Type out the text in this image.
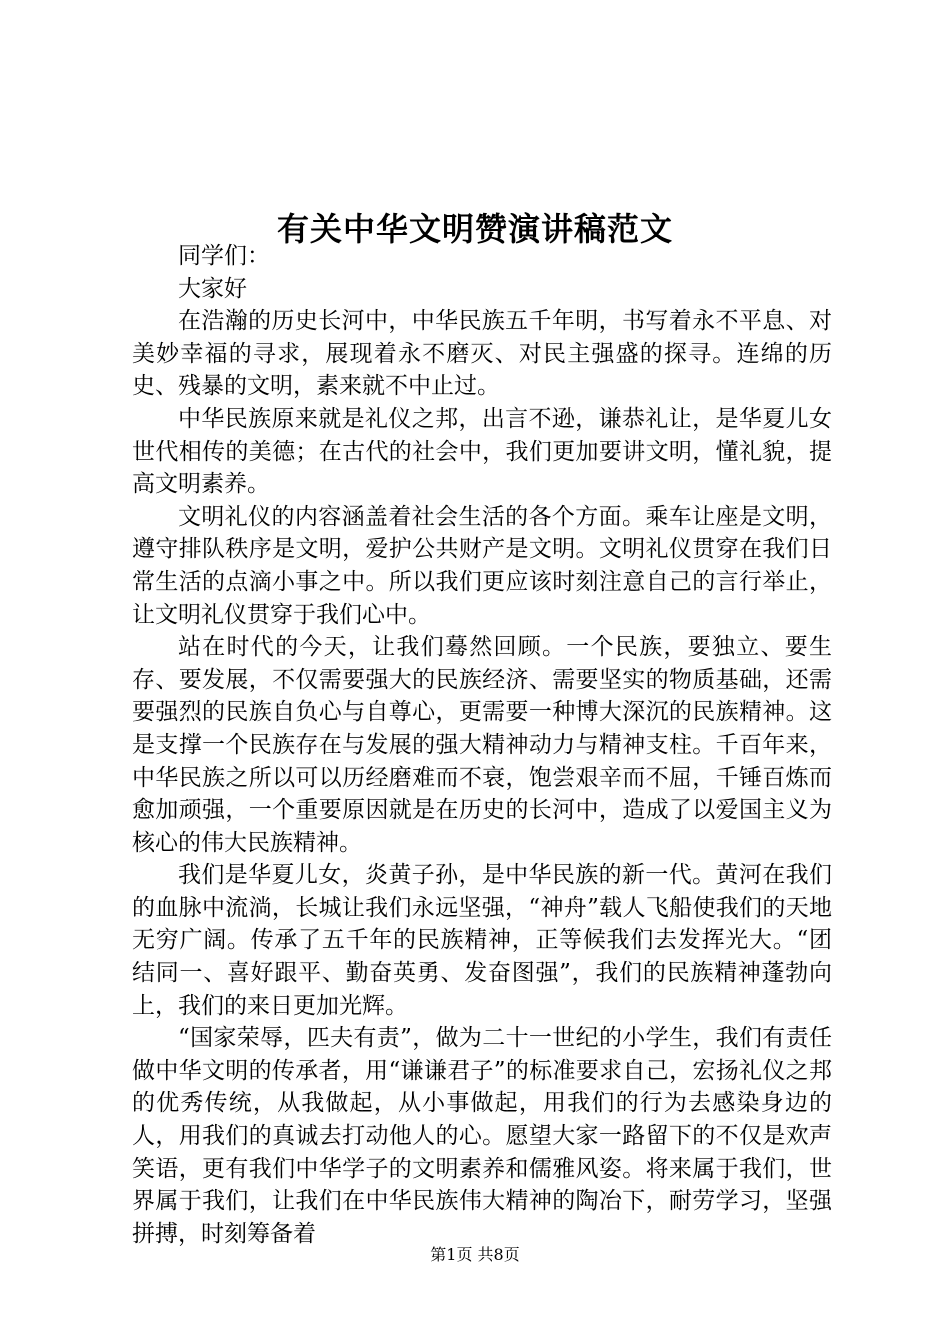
有关中华文明赞演讲稿范文

同学们：

大家好

在浩瀚的历史长河中，中华民族五千年明，书写着永不平息、对美妙幸福的寻求，展现着永不磨灭、对民主强盛的探寻。连绵的历史、残暴的文明，素来就不中止过。

中华民族原来就是礼仪之邦，出言不逊，谦恭礼让，是华夏儿女世代相传的美德；在古代的社会中，我们更加要讲文明，懂礼貌，提高文明素养。

文明礼仪的内容涵盖着社会生活的各个方面。乘车让座是文明，遵守排队秩序是文明，爱护公共财产是文明。文明礼仪贯穿在我们日常生活的点滴小事之中。所以我们更应该时刻注意自己的言行举止，让文明礼仪贯穿于我们心中。

站在时代的今天，让我们蓦然回顾。一个民族，要独立、要生存、要发展，不仅需要强大的民族经济、需要坚实的物质基础，还需要强烈的民族自负心与自尊心，更需要一种博大深沉的民族精神。这是支撑一个民族存在与发展的强大精神动力与精神支柱。千百年来，中华民族之所以可以历经磨难而不衰，饱尝艰辛而不屈，千锤百炼而愈加顽强，一个重要原因就是在历史的长河中，造成了以爱国主义为核心的伟大民族精神。

我们是华夏儿女，炎黄子孙，是中华民族的新一代。黄河在我们的血脉中流淌，长城让我们永远坚强，“神舟”载人飞船使我们的天地无穷广阔。传承了五千年的民族精神，正等候我们去发挥光大。“团结同一、喜好跟平、勤奋英勇、发奋图强”，我们的民族精神蓬勃向上，我们的来日更加光辉。

“国家荣辱，匹夫有责”，做为二十一世纪的小学生，我们有责任做中华文明的传承者，用“谦谦君子”的标准要求自己，宏扬礼仪之邦的优秀传统，从我做起，从小事做起，用我们的行为去感染身边的人，用我们的真诚去打动他人的心。愿望大家一路留下的不仅是欢声笑语，更有我们中华学子的文明素养和儒雅风姿。将来属于我们，世界属于我们，让我们在中华民族伟大精神的陶冶下，耐劳学习，坚强拼搏，时刻筹备着

第1页 共8页
